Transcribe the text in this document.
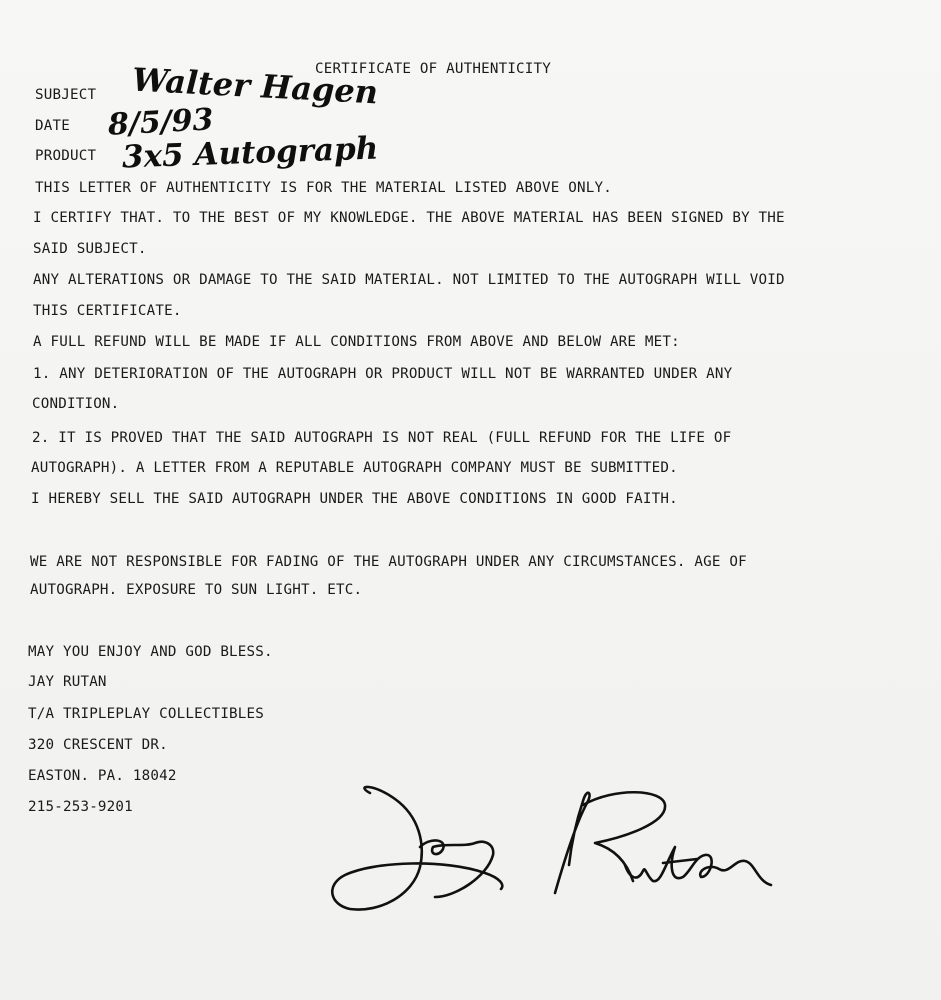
CERTIFICATE OF AUTHENTICITY
SUBJECT
DATE
PRODUCT
Walter Hagen
8/5/93
3x5 Autograph
THIS LETTER OF AUTHENTICITY IS FOR THE MATERIAL LISTED ABOVE ONLY.
I CERTIFY THAT. TO THE BEST OF MY KNOWLEDGE. THE ABOVE MATERIAL HAS BEEN SIGNED BY THE
SAID SUBJECT.
ANY ALTERATIONS OR DAMAGE TO THE SAID MATERIAL. NOT LIMITED TO THE AUTOGRAPH WILL VOID
THIS CERTIFICATE.
A FULL REFUND WILL BE MADE IF ALL CONDITIONS FROM ABOVE AND BELOW ARE MET:
1. ANY DETERIORATION OF THE AUTOGRAPH OR PRODUCT WILL NOT BE WARRANTED UNDER ANY
CONDITION.
2. IT IS PROVED THAT THE SAID AUTOGRAPH IS NOT REAL (FULL REFUND FOR THE LIFE OF
AUTOGRAPH). A LETTER FROM A REPUTABLE AUTOGRAPH COMPANY MUST BE SUBMITTED.
I HEREBY SELL THE SAID AUTOGRAPH UNDER THE ABOVE CONDITIONS IN GOOD FAITH.
WE ARE NOT RESPONSIBLE FOR FADING OF THE AUTOGRAPH UNDER ANY CIRCUMSTANCES. AGE OF
AUTOGRAPH. EXPOSURE TO SUN LIGHT. ETC.
MAY YOU ENJOY AND GOD BLESS.
JAY RUTAN
T/A TRIPLEPLAY COLLECTIBLES
320 CRESCENT DR.
EASTON. PA. 18042
215-253-9201
